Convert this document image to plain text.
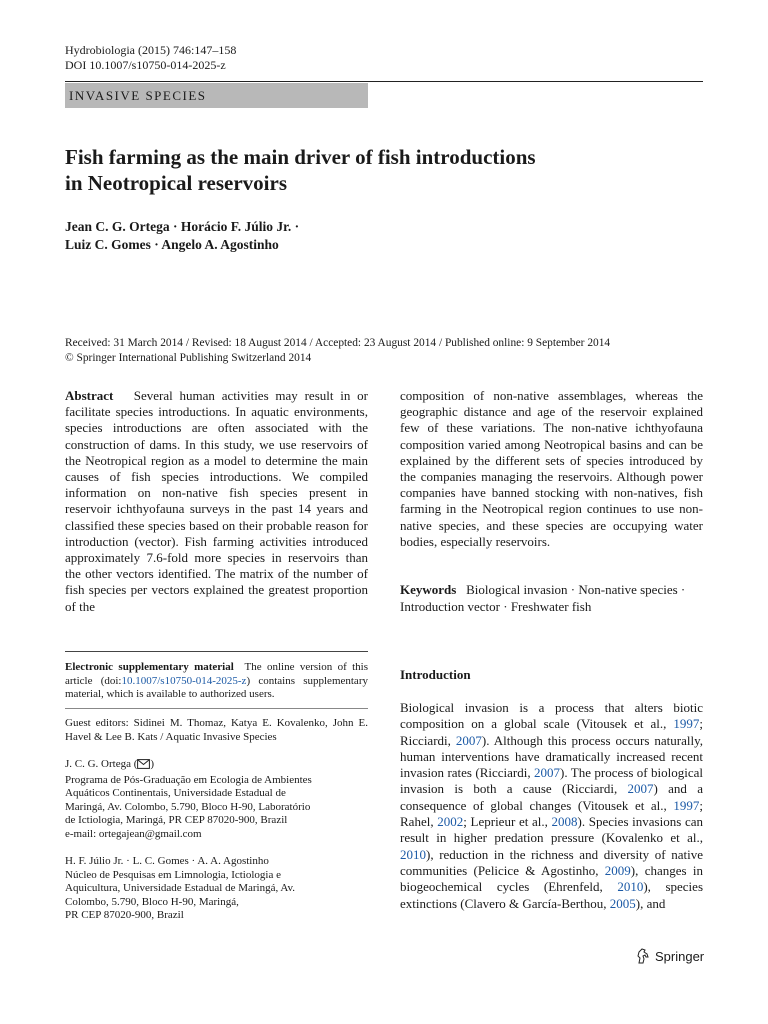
Hydrobiologia (2015) 746:147–158
DOI 10.1007/s10750-014-2025-z
INVASIVE SPECIES
Fish farming as the main driver of fish introductions
in Neotropical reservoirs
Jean C. G. Ortega · Horácio F. Júlio Jr. ·
Luiz C. Gomes · Angelo A. Agostinho
Received: 31 March 2014 / Revised: 18 August 2014 / Accepted: 23 August 2014 / Published online: 9 September 2014
© Springer International Publishing Switzerland 2014

Abstract Several human activities may result in or facilitate species introductions. In aquatic environments, species introductions are often associated with the construction of dams. In this study, we use reservoirs of the Neotropical region as a model to determine the main causes of fish species introductions. We compiled information on non-native fish species present in reservoir ichthyofauna surveys in the past 14 years and classified these species based on their probable reason for introduction (vector). Fish farming activities introduced approximately 7.6-fold more species in reservoirs than the other vectors identified. The matrix of the number of fish species per vectors explained the greatest proportion of the

composition of non-native assemblages, whereas the geographic distance and age of the reservoir explained few of these variations. The non-native ichthyofauna composition varied among Neotropical basins and can be explained by the different sets of species introduced by the companies managing the reservoirs. Although power companies have banned stocking with non-natives, fish farming in the Neotropical region continues to use non-native species, and these species are occupying water bodies, especially reservoirs.

Keywords Biological invasion · Non-native species · Introduction vector · Freshwater fish
Electronic supplementary material The online version of this article (doi:10.1007/s10750-014-2025-z) contains supplementary material, which is available to authorized users.
Guest editors: Sidinei M. Thomaz, Katya E. Kovalenko, John E. Havel & Lee B. Kats / Aquatic Invasive Species
J. C. G. Ortega ( )
Programa de Pós-Graduação em Ecologia de Ambientes
Aquáticos Continentais, Universidade Estadual de
Maringá, Av. Colombo, 5.790, Bloco H-90, Laboratório
de Ictiologia, Maringá, PR CEP 87020-900, Brazil
e-mail: ortegajean@gmail.com
H. F. Júlio Jr. · L. C. Gomes · A. A. Agostinho
Núcleo de Pesquisas em Limnologia, Ictiologia e
Aquicultura, Universidade Estadual de Maringá, Av.
Colombo, 5.790, Bloco H-90, Maringá,
PR CEP 87020-900, Brazil
Introduction
Biological invasion is a process that alters biotic composition on a global scale (Vitousek et al., 1997; Ricciardi, 2007). Although this process occurs naturally, human interventions have dramatically increased recent invasion rates (Ricciardi, 2007). The process of biological invasion is both a cause (Ricciardi, 2007) and a consequence of global changes (Vitousek et al., 1997; Rahel, 2002; Leprieur et al., 2008). Species invasions can result in higher predation pressure (Kovalenko et al., 2010), reduction in the richness and diversity of native communities (Pelicice & Agostinho, 2009), changes in biogeochemical cycles (Ehrenfeld, 2010), species extinctions (Clavero & García-Berthou, 2005), and
Springer
